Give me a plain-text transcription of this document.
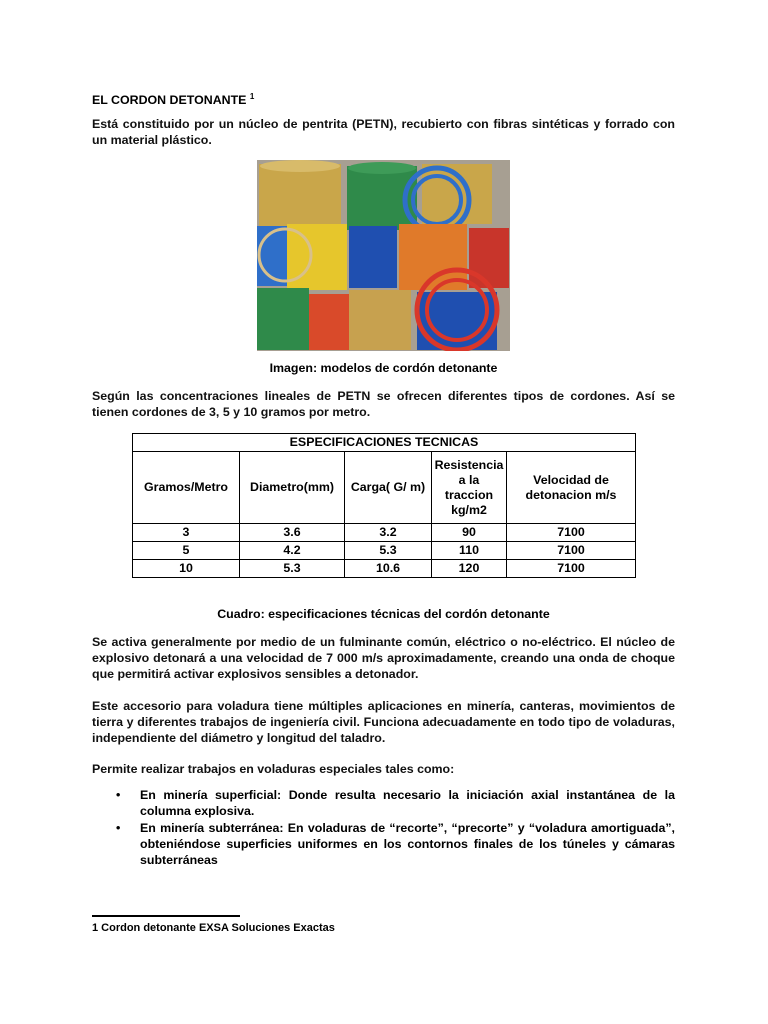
EL CORDON DETONANTE $^1$

Está constituido por un núcleo de pentrita (PETN), recubierto con fibras sintéticas y forrado con un material plástico.

Imagen: modelos de cordón detonante

Según las concentraciones lineales de PETN se ofrecen diferentes tipos de cordones. Así se tienen cordones de 3, 5 y 10 gramos por metro.

ESPECIFICACIONES TECNICAS				
Gramos/Metro	Diametro(mm)	Carga( G/ m)	Resistencia a la traccion kg/m2	Velocidad de detonacion m/s
3	3.6	3.2	90	7100
5	4.2	5.3	110	7100
10	5.3	10.6	120	7100
Cuadro: especificaciones técnicas del cordón detonante

Se activa generalmente por medio de un fulminante común, eléctrico o no-eléctrico. El núcleo de explosivo detonará a una velocidad de 7 000 m/s aproximadamente, creando una onda de choque que permitirá activar explosivos sensibles a detonador.

Este accesorio para voladura tiene múltiples aplicaciones en minería, canteras, movimientos de tierra y diferentes trabajos de ingeniería civil. Funciona adecuadamente en todo tipo de voladuras, independiente del diámetro y longitud del taladro.

Permite realizar trabajos en voladuras especiales tales como:

• En minería superficial: Donde resulta necesario la iniciación axial instantánea de la columna explosiva.
• En minería subterránea: En voladuras de “recorte”, “precorte” y “voladura amortiguada”, obteniéndose superficies uniformes en los contornos finales de los túneles y cámaras subterráneas
1 Cordon detonante EXSA Soluciones Exactas
